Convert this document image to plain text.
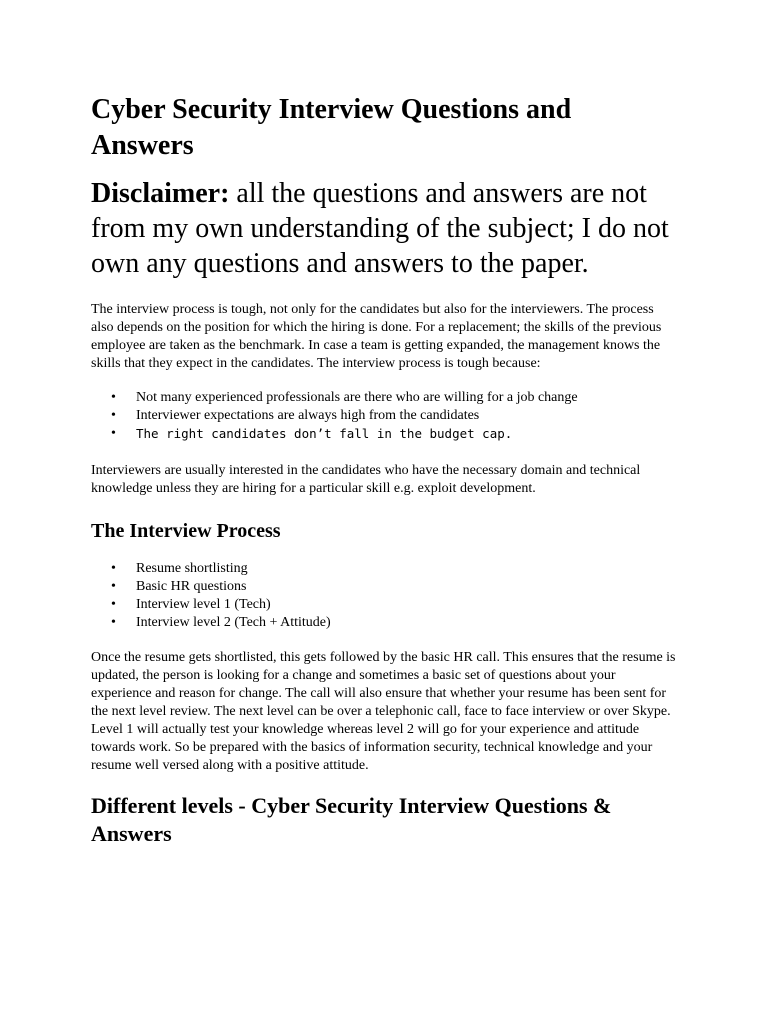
Cyber Security Interview Questions and Answers

Disclaimer: all the questions and answers are not from my own understanding of the subject; I do not own any questions and answers to the paper.

The interview process is tough, not only for the candidates but also for the interviewers. The process also depends on the position for which the hiring is done. For a replacement; the skills of the previous employee are taken as the benchmark. In case a team is getting expanded, the management knows the skills that they expect in the candidates. The interview process is tough because:

• Not many experienced professionals are there who are willing for a job change
• Interviewer expectations are always high from the candidates
• The right candidates don’t fall in the budget cap.

Interviewers are usually interested in the candidates who have the necessary domain and technical knowledge unless they are hiring for a particular skill e.g. exploit development.

The Interview Process
• Resume shortlisting
• Basic HR questions
• Interview level 1 (Tech)
• Interview level 2 (Tech + Attitude)

Once the resume gets shortlisted, this gets followed by the basic HR call. This ensures that the resume is updated, the person is looking for a change and sometimes a basic set of questions about your experience and reason for change. The call will also ensure that whether your resume has been sent for the next level review. The next level can be over a telephonic call, face to face interview or over Skype. Level 1 will actually test your knowledge whereas level 2 will go for your experience and attitude towards work. So be prepared with the basics of information security, technical knowledge and your resume well versed along with a positive attitude.

Different levels - Cyber Security Interview Questions & Answers
